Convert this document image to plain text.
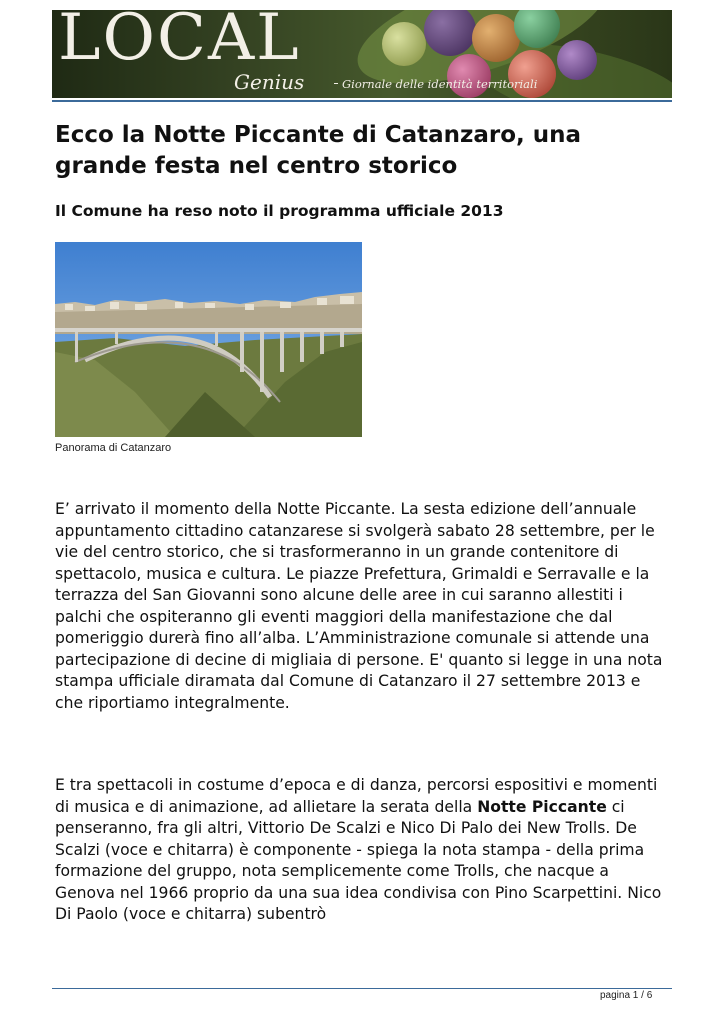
LOCAL
Genius	Giornale delle identità territoriali
Ecco la Notte Piccante di Catanzaro, una grande festa nel centro storico
Il Comune ha reso noto il programma ufficiale 2013
Panorama di Catanzaro

E’ arrivato il momento della Notte Piccante. La sesta edizione dell’annuale appuntamento cittadino catanzarese si svolgerà sabato 28 settembre, per le vie del centro storico, che si trasformeranno in un grande contenitore di spettacolo, musica e cultura. Le piazze Prefettura, Grimaldi e Serravalle e la terrazza del San Giovanni sono alcune delle aree in cui saranno allestiti i palchi che ospiteranno gli eventi maggiori della manifestazione che dal pomeriggio durerà fino all’alba. L’Amministrazione comunale si attende una partecipazione di decine di migliaia di persone. E' quanto si legge in una nota stampa ufficiale diramata dal Comune di Catanzaro il 27 settembre 2013 e che riportiamo integralmente.

E tra spettacoli in costume d’epoca e di danza, percorsi espositivi e momenti di musica e di animazione, ad allietare la serata della Notte Piccante ci penseranno, fra gli altri, Vittorio De Scalzi e Nico Di Palo dei New Trolls. De Scalzi (voce e chitarra) è componente - spiega la nota stampa - della prima formazione del gruppo, nota semplicemente come Trolls, che nacque a Genova nel 1966 proprio da una sua idea condivisa con Pino Scarpettini. Nico Di Paolo (voce e chitarra) subentrò

pagina 1 / 6
